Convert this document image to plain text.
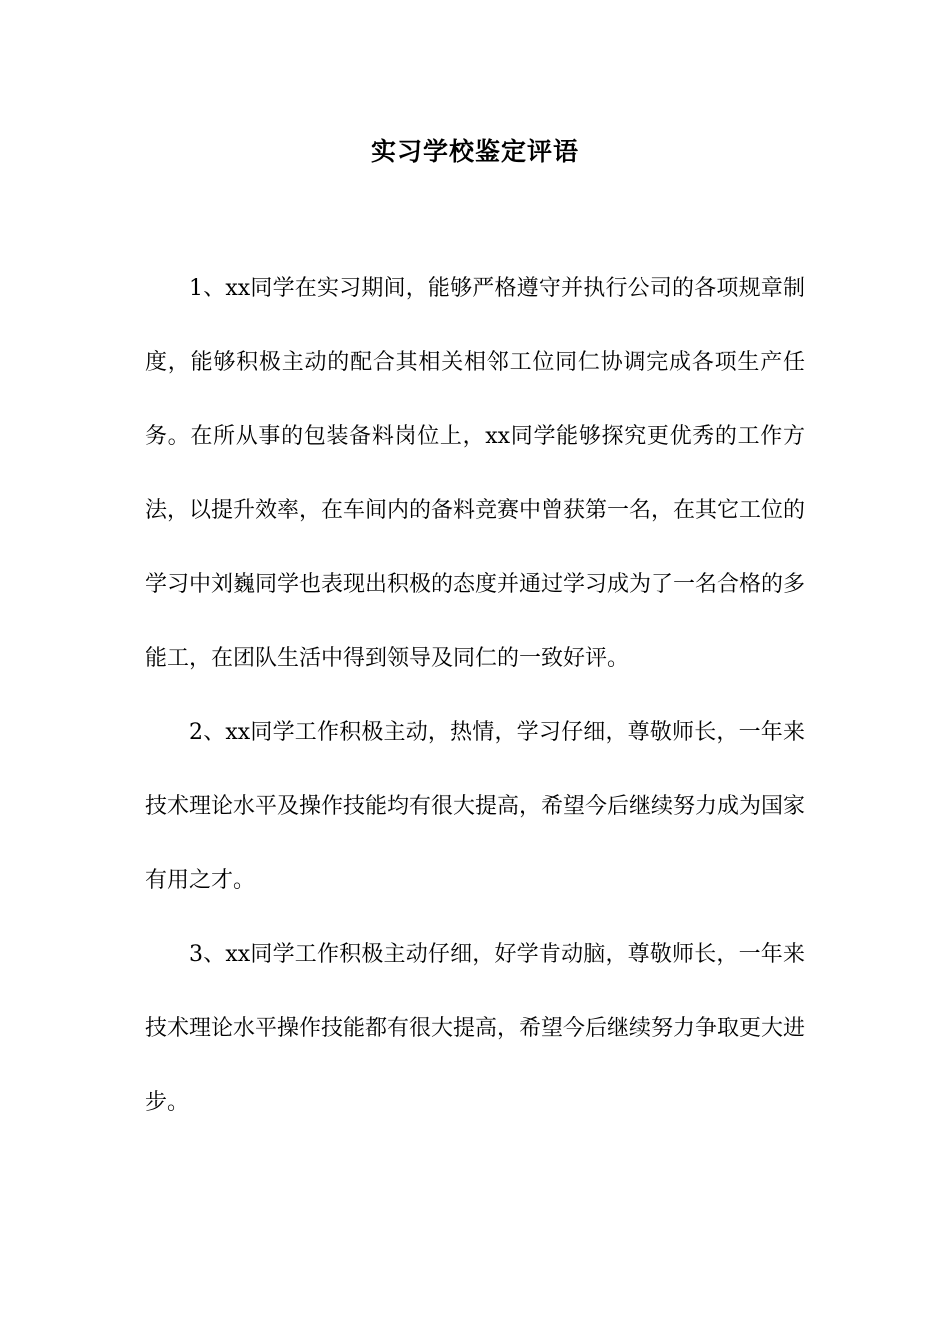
实习学校鉴定评语

1、xx同学在实习期间，能够严格遵守并执行公司的各项规章制度，能够积极主动的配合其相关相邻工位同仁协调完成各项生产任务。在所从事的包装备料岗位上，xx同学能够探究更优秀的工作方法，以提升效率，在车间内的备料竞赛中曾获第一名，在其它工位的学习中刘巍同学也表现出积极的态度并通过学习成为了一名合格的多能工，在团队生活中得到领导及同仁的一致好评。

2、xx同学工作积极主动，热情，学习仔细，尊敬师长，一年来技术理论水平及操作技能均有很大提高，希望今后继续努力成为国家有用之才。

3、xx同学工作积极主动仔细，好学肯动脑，尊敬师长，一年来技术理论水平操作技能都有很大提高，希望今后继续努力争取更大进步。
